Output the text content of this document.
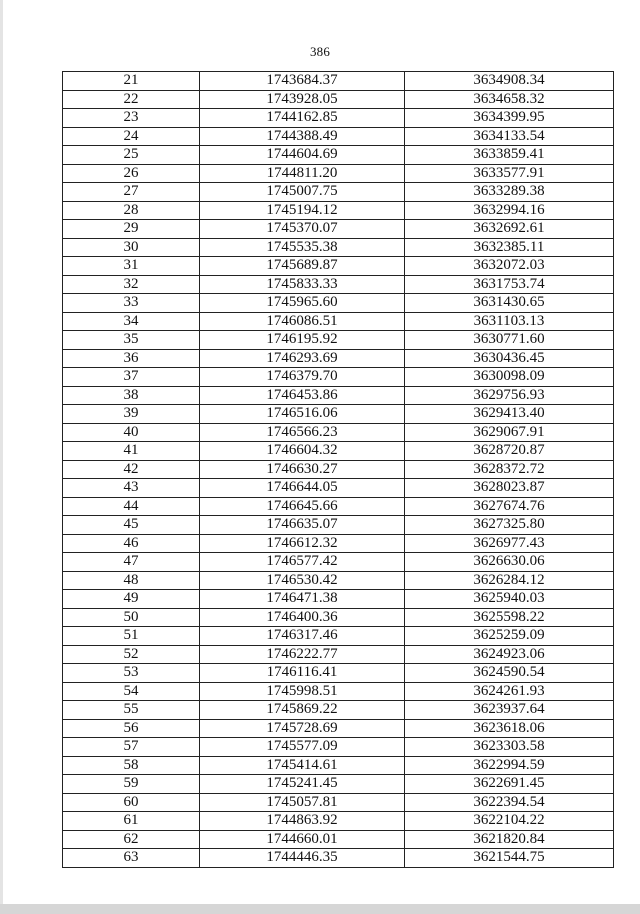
386
21	1743684.37	3634908.34
22	1743928.05	3634658.32
23	1744162.85	3634399.95
24	1744388.49	3634133.54
25	1744604.69	3633859.41
26	1744811.20	3633577.91
27	1745007.75	3633289.38
28	1745194.12	3632994.16
29	1745370.07	3632692.61
30	1745535.38	3632385.11
31	1745689.87	3632072.03
32	1745833.33	3631753.74
33	1745965.60	3631430.65
34	1746086.51	3631103.13
35	1746195.92	3630771.60
36	1746293.69	3630436.45
37	1746379.70	3630098.09
38	1746453.86	3629756.93
39	1746516.06	3629413.40
40	1746566.23	3629067.91
41	1746604.32	3628720.87
42	1746630.27	3628372.72
43	1746644.05	3628023.87
44	1746645.66	3627674.76
45	1746635.07	3627325.80
46	1746612.32	3626977.43
47	1746577.42	3626630.06
48	1746530.42	3626284.12
49	1746471.38	3625940.03
50	1746400.36	3625598.22
51	1746317.46	3625259.09
52	1746222.77	3624923.06
53	1746116.41	3624590.54
54	1745998.51	3624261.93
55	1745869.22	3623937.64
56	1745728.69	3623618.06
57	1745577.09	3623303.58
58	1745414.61	3622994.59
59	1745241.45	3622691.45
60	1745057.81	3622394.54
61	1744863.92	3622104.22
62	1744660.01	3621820.84
63	1744446.35	3621544.75
